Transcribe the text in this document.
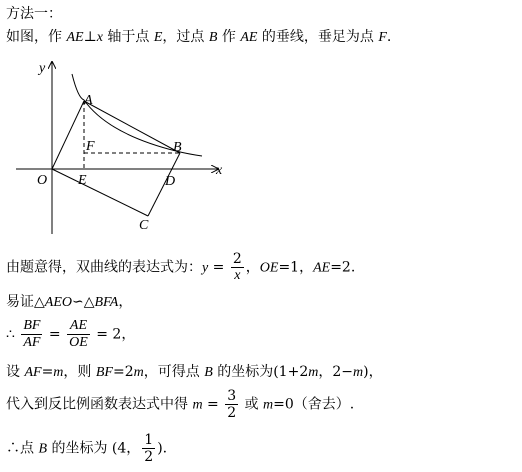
方法一：
如图，作 AE⊥x 轴于点 E，过点 B 作 AE 的垂线，垂足为点 F.
y
x
A
B
C
D
E
F
O
由题意得，双曲线的表达式为：$y = \frac{2}{x}$ ，OE=1，AE=2.
易证△AEO∽△BFA，
∴ $\frac{BF}{AF} = \frac{AE}{OE} = 2$，
设 AF=m，则 BF=2m，可得点 B 的坐标为(1+2m，2−m)，
代入到反比例函数表达式中得 $m = \frac{3}{2}$ 或 m=0（舍去）.
∴点 B 的坐标为 (4， $\frac{1}{2}$ ).
